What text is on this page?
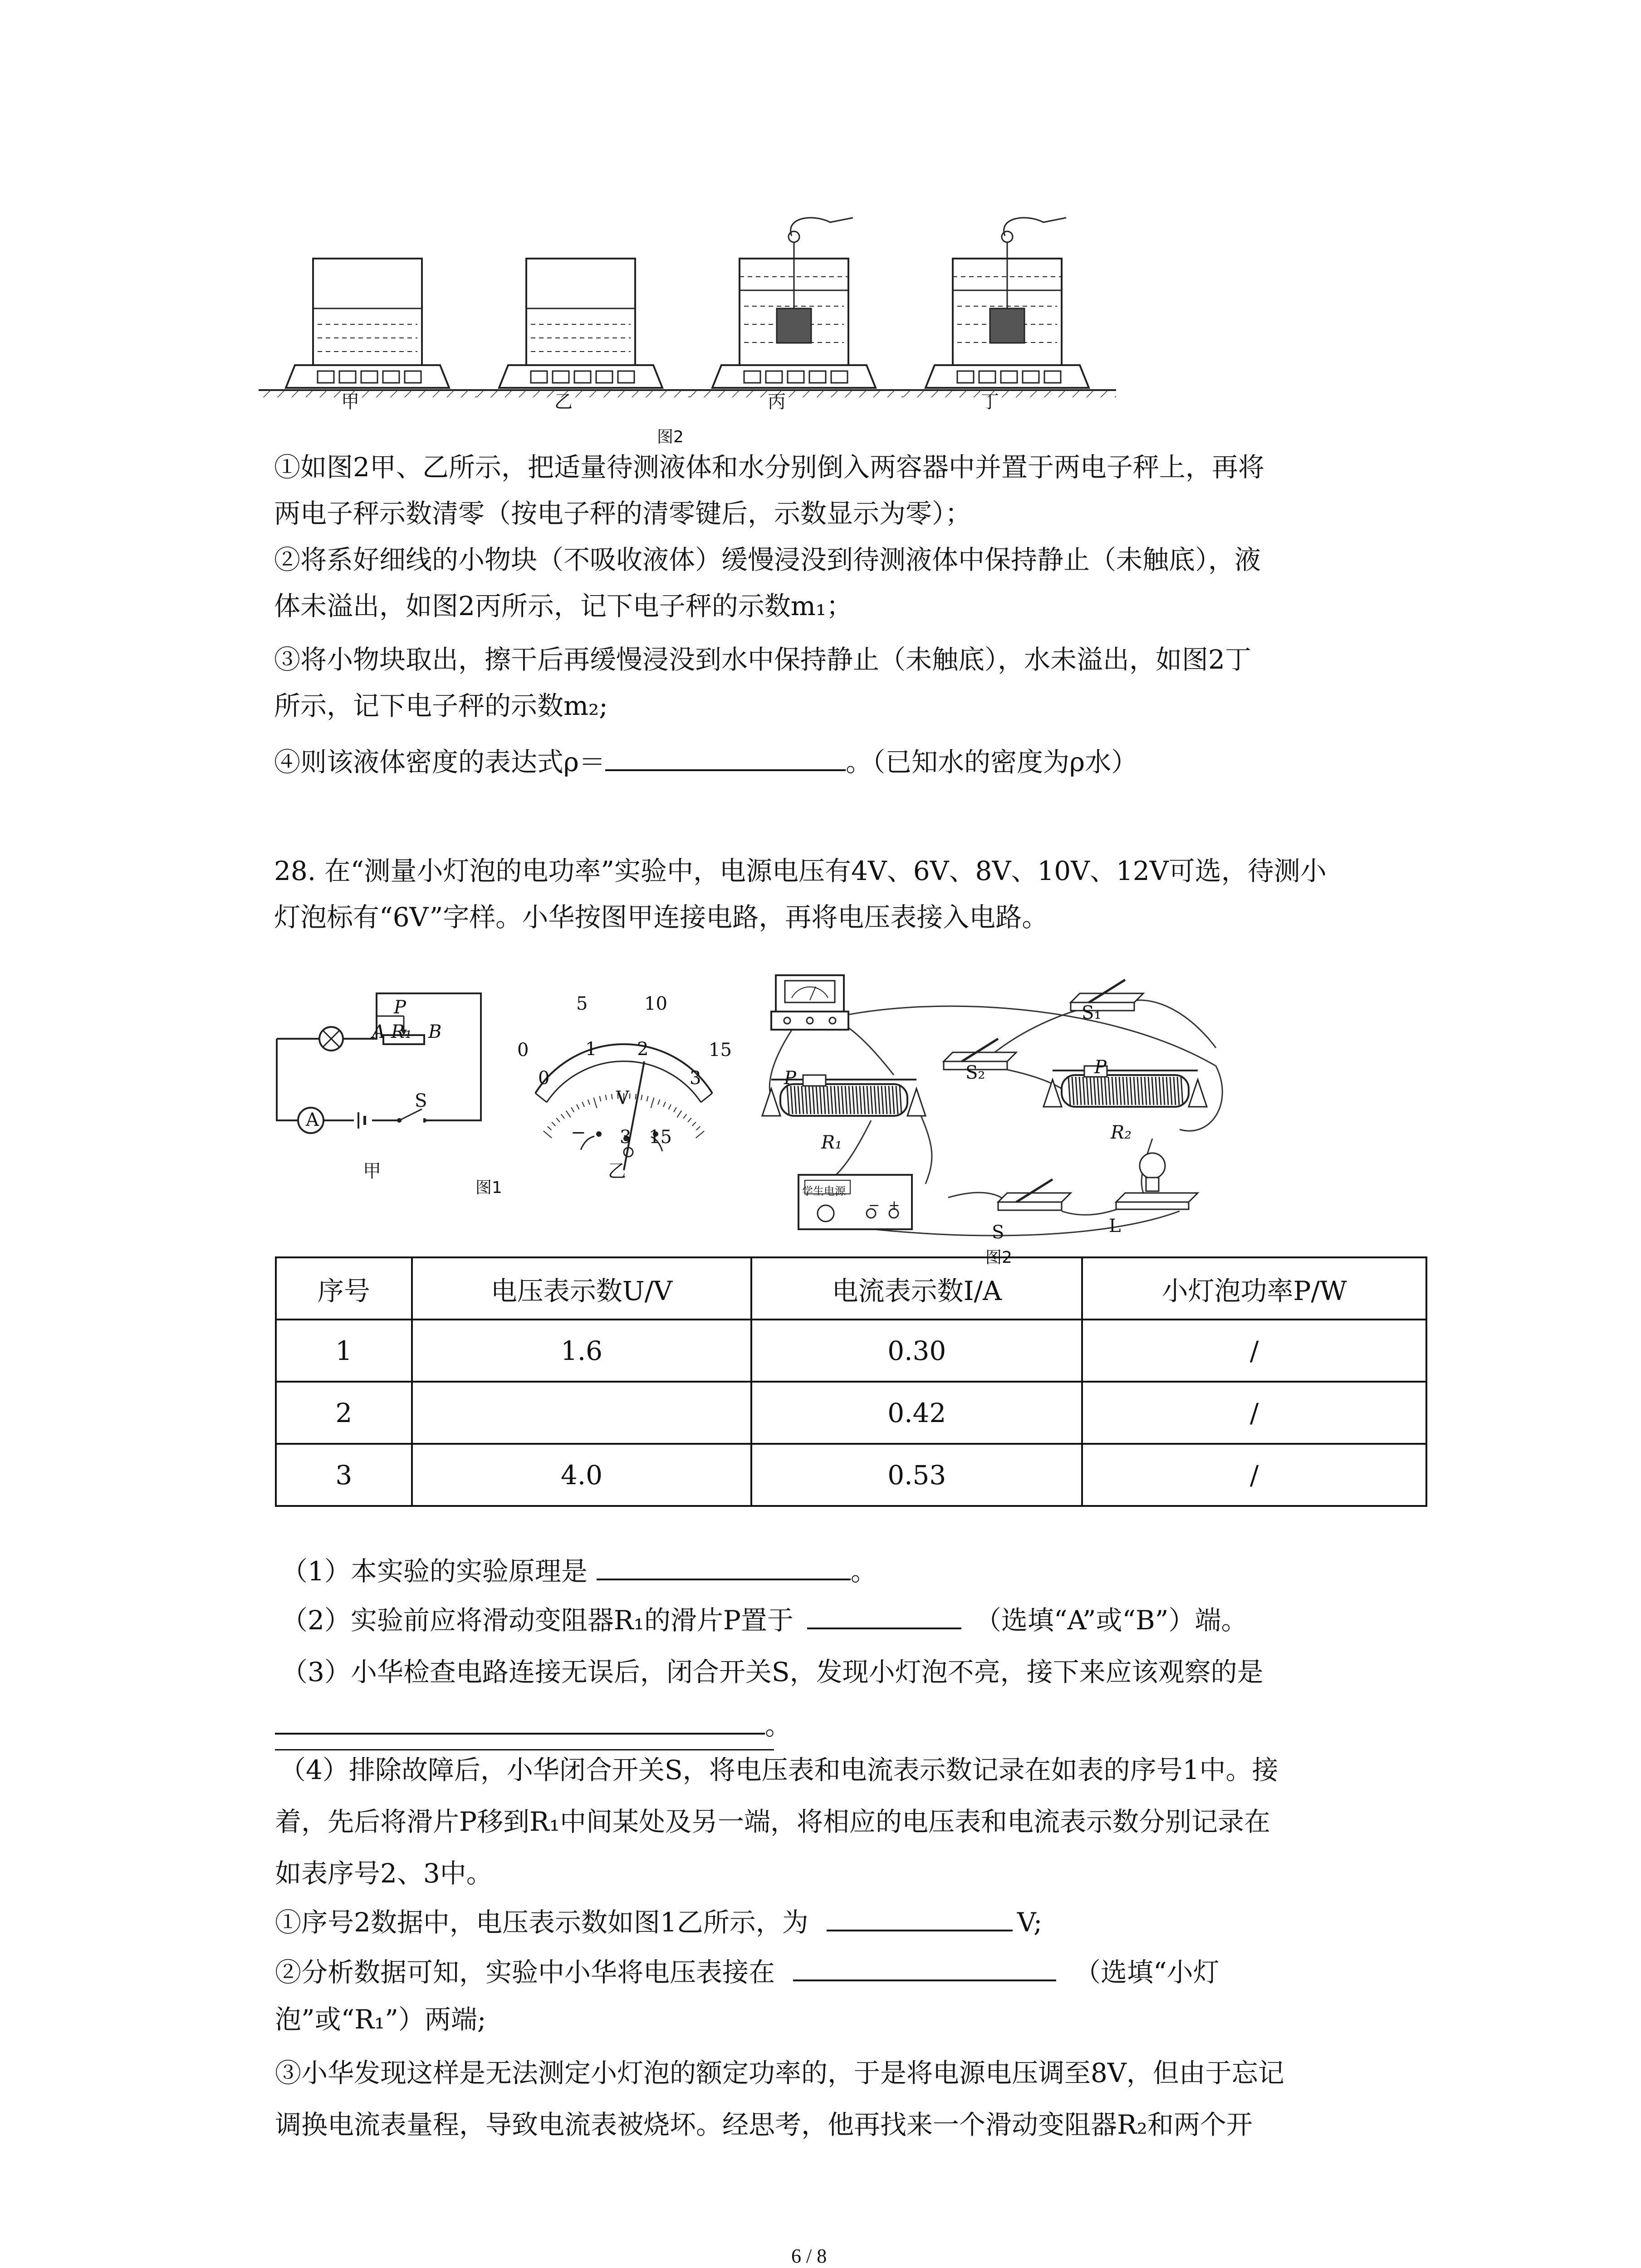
甲	乙	丙	丁
图2
①如图2甲、乙所示，把适量待测液体和水分别倒入两容器中并置于两电子秤上，再将
两电子秤示数清零（按电子秤的清零键后，示数显示为零）；
②将系好细线的小物块（不吸收液体）缓慢浸没到待测液体中保持静止（未触底），液
体未溢出，如图2丙所示，记下电子秤的示数m₁；
③将小物块取出，擦干后再缓慢浸没到水中保持静止（未触底），水未溢出，如图2丁
所示，记下电子秤的示数m₂;
④则该液体密度的表达式ρ＝	。（已知水的密度为ρ水）
28. 在“测量小灯泡的电功率”实验中，电源电压有4V、6V、8V、10V、12V可选，待测小
灯泡标有“6V”字样。小华按图甲连接电路，再将电压表接入电路。
P
A R₁ B
A
S
甲
0
5	10
15
0
1 2
3
V
− 3 15
乙
图1
S₁
S₂
P
P
R₁	R₂
学生电源
−  +
S	L
图2
序号	电压表示数U/V	电流表示数I/A	小灯泡功率P/W
1	1.6	0.30	/
2		0.42	/
3	4.0	0.53	/
（1）本实验的实验原理是	。
（2）实验前应将滑动变阻器R₁的滑片P置于	（选填“A”或“B”）端。
（3）小华检查电路连接无误后，闭合开关S，发现小灯泡不亮，接下来应该观察的是
。
（4）排除故障后，小华闭合开关S，将电压表和电流表示数记录在如表的序号1中。接
着，先后将滑片P移到R₁中间某处及另一端，将相应的电压表和电流表示数分别记录在
如表序号2、3中。
①序号2数据中，电压表示数如图1乙所示，为	V;
②分析数据可知，实验中小华将电压表接在	（选填“小灯
泡”或“R₁”）两端;
③小华发现这样是无法测定小灯泡的额定功率的，于是将电源电压调至8V，但由于忘记
调换电流表量程，导致电流表被烧坏。经思考，他再找来一个滑动变阻器R₂和两个开
6 / 8
